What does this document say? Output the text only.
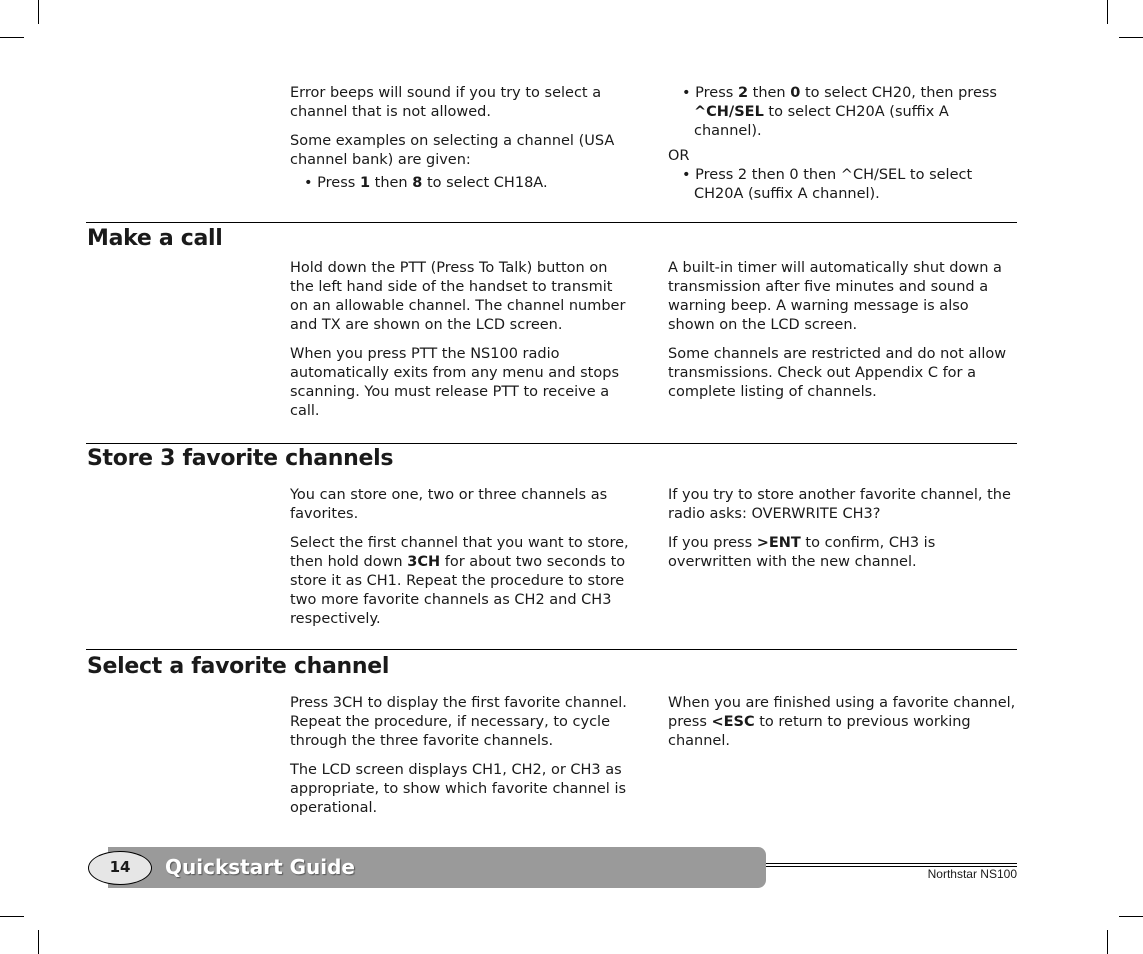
Error beeps will sound if you try to select a channel that is not allowed.

Some examples on selecting a channel (USA channel bank) are given:

• Press 1 then 8 to select CH18A.

• Press 2 then 0 to select CH20, then press ^CH/SEL to select CH20A (suffix A channel).

OR

• Press 2 then 0 then ^CH/SEL to select CH20A (suffix A channel).

Make a call

Hold down the PTT (Press To Talk) button on the left hand side of the handset to transmit on an allowable channel. The channel number and TX are shown on the LCD screen.

When you press PTT the NS100 radio automatically exits from any menu and stops scanning. You must release PTT to receive a call.

A built-in timer will automatically shut down a transmission after five minutes and sound a warning beep. A warning message is also shown on the LCD screen.

Some channels are restricted and do not allow transmissions. Check out Appendix C for a complete listing of channels.

Store 3 favorite channels

You can store one, two or three channels as favorites.

Select the first channel that you want to store, then hold down 3CH for about two seconds to store it as CH1. Repeat the procedure to store two more favorite channels as CH2 and CH3 respectively.

If you try to store another favorite channel, the radio asks: OVERWRITE CH3?

If you press >ENT to confirm, CH3 is overwritten with the new channel.

Select a favorite channel

Press 3CH to display the first favorite channel. Repeat the procedure, if necessary, to cycle through the three favorite channels.

The LCD screen displays CH1, CH2, or CH3 as appropriate, to show which favorite channel is operational.

When you are finished using a favorite channel, press <ESC to return to previous working channel.

Quickstart Guide
14	Northstar NS100
